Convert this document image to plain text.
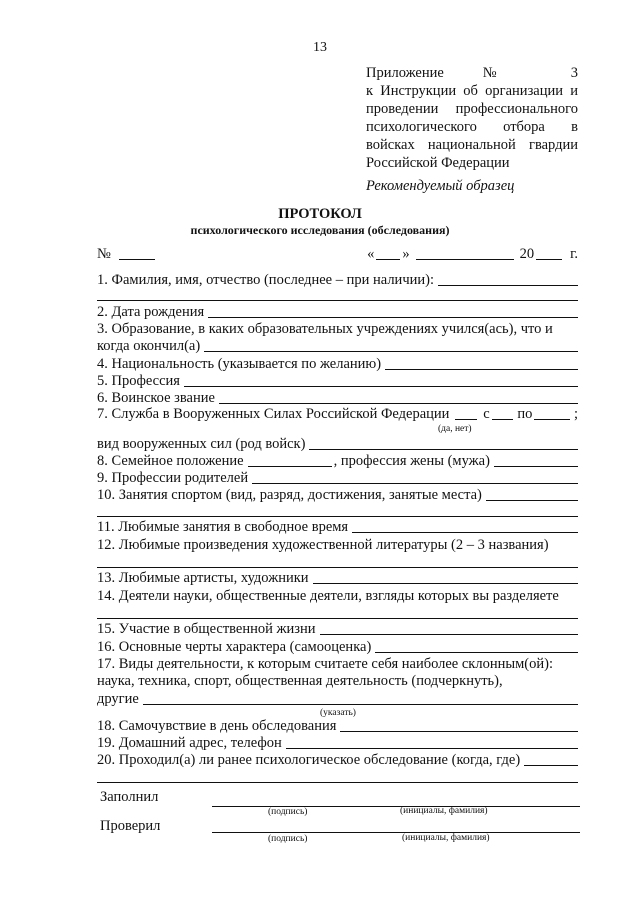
13
Приложение № 3
к Инструкции об организации и
проведении профессионального
психологического отбора в
войсках национальной гвардии
Российской Федерации
Рекомендуемый образец
ПРОТОКОЛ
психологического исследования (обследования)
№	« »	20 г.
1. Фамилия, имя, отчество (последнее – при наличии):
2. Дата рождения
3. Образование, в каких образовательных учреждениях учился(ась), что и
когда окончил(а)
4. Национальность (указывается по желанию)
5. Профессия
6. Воинское звание
7. Служба в Вооруженных Силах Российской Федерации с по	;
(да, нет)
вид вооруженных сил (род войск)
8. Семейное положение	, профессия жены (мужа)
9. Профессии родителей
10. Занятия спортом (вид, разряд, достижения, занятые места)
11. Любимые занятия в свободное время
12. Любимые произведения художественной литературы (2 – 3 названия)
13. Любимые артисты, художники
14. Деятели науки, общественные деятели, взгляды которых вы разделяете
15. Участие в общественной жизни
16. Основные черты характера (самооценка)
17. Виды деятельности, к которым считаете себя наиболее склонным(ой):
наука, техника, спорт, общественная деятельность (подчеркнуть),
другие
(указать)
18. Самочувствие в день обследования
19. Домашний адрес, телефон
20. Проходил(а) ли ранее психологическое обследование (когда, где)
Заполнил
(подпись)	(инициалы, фамилия)
Проверил
(подпись)	(инициалы, фамилия)
